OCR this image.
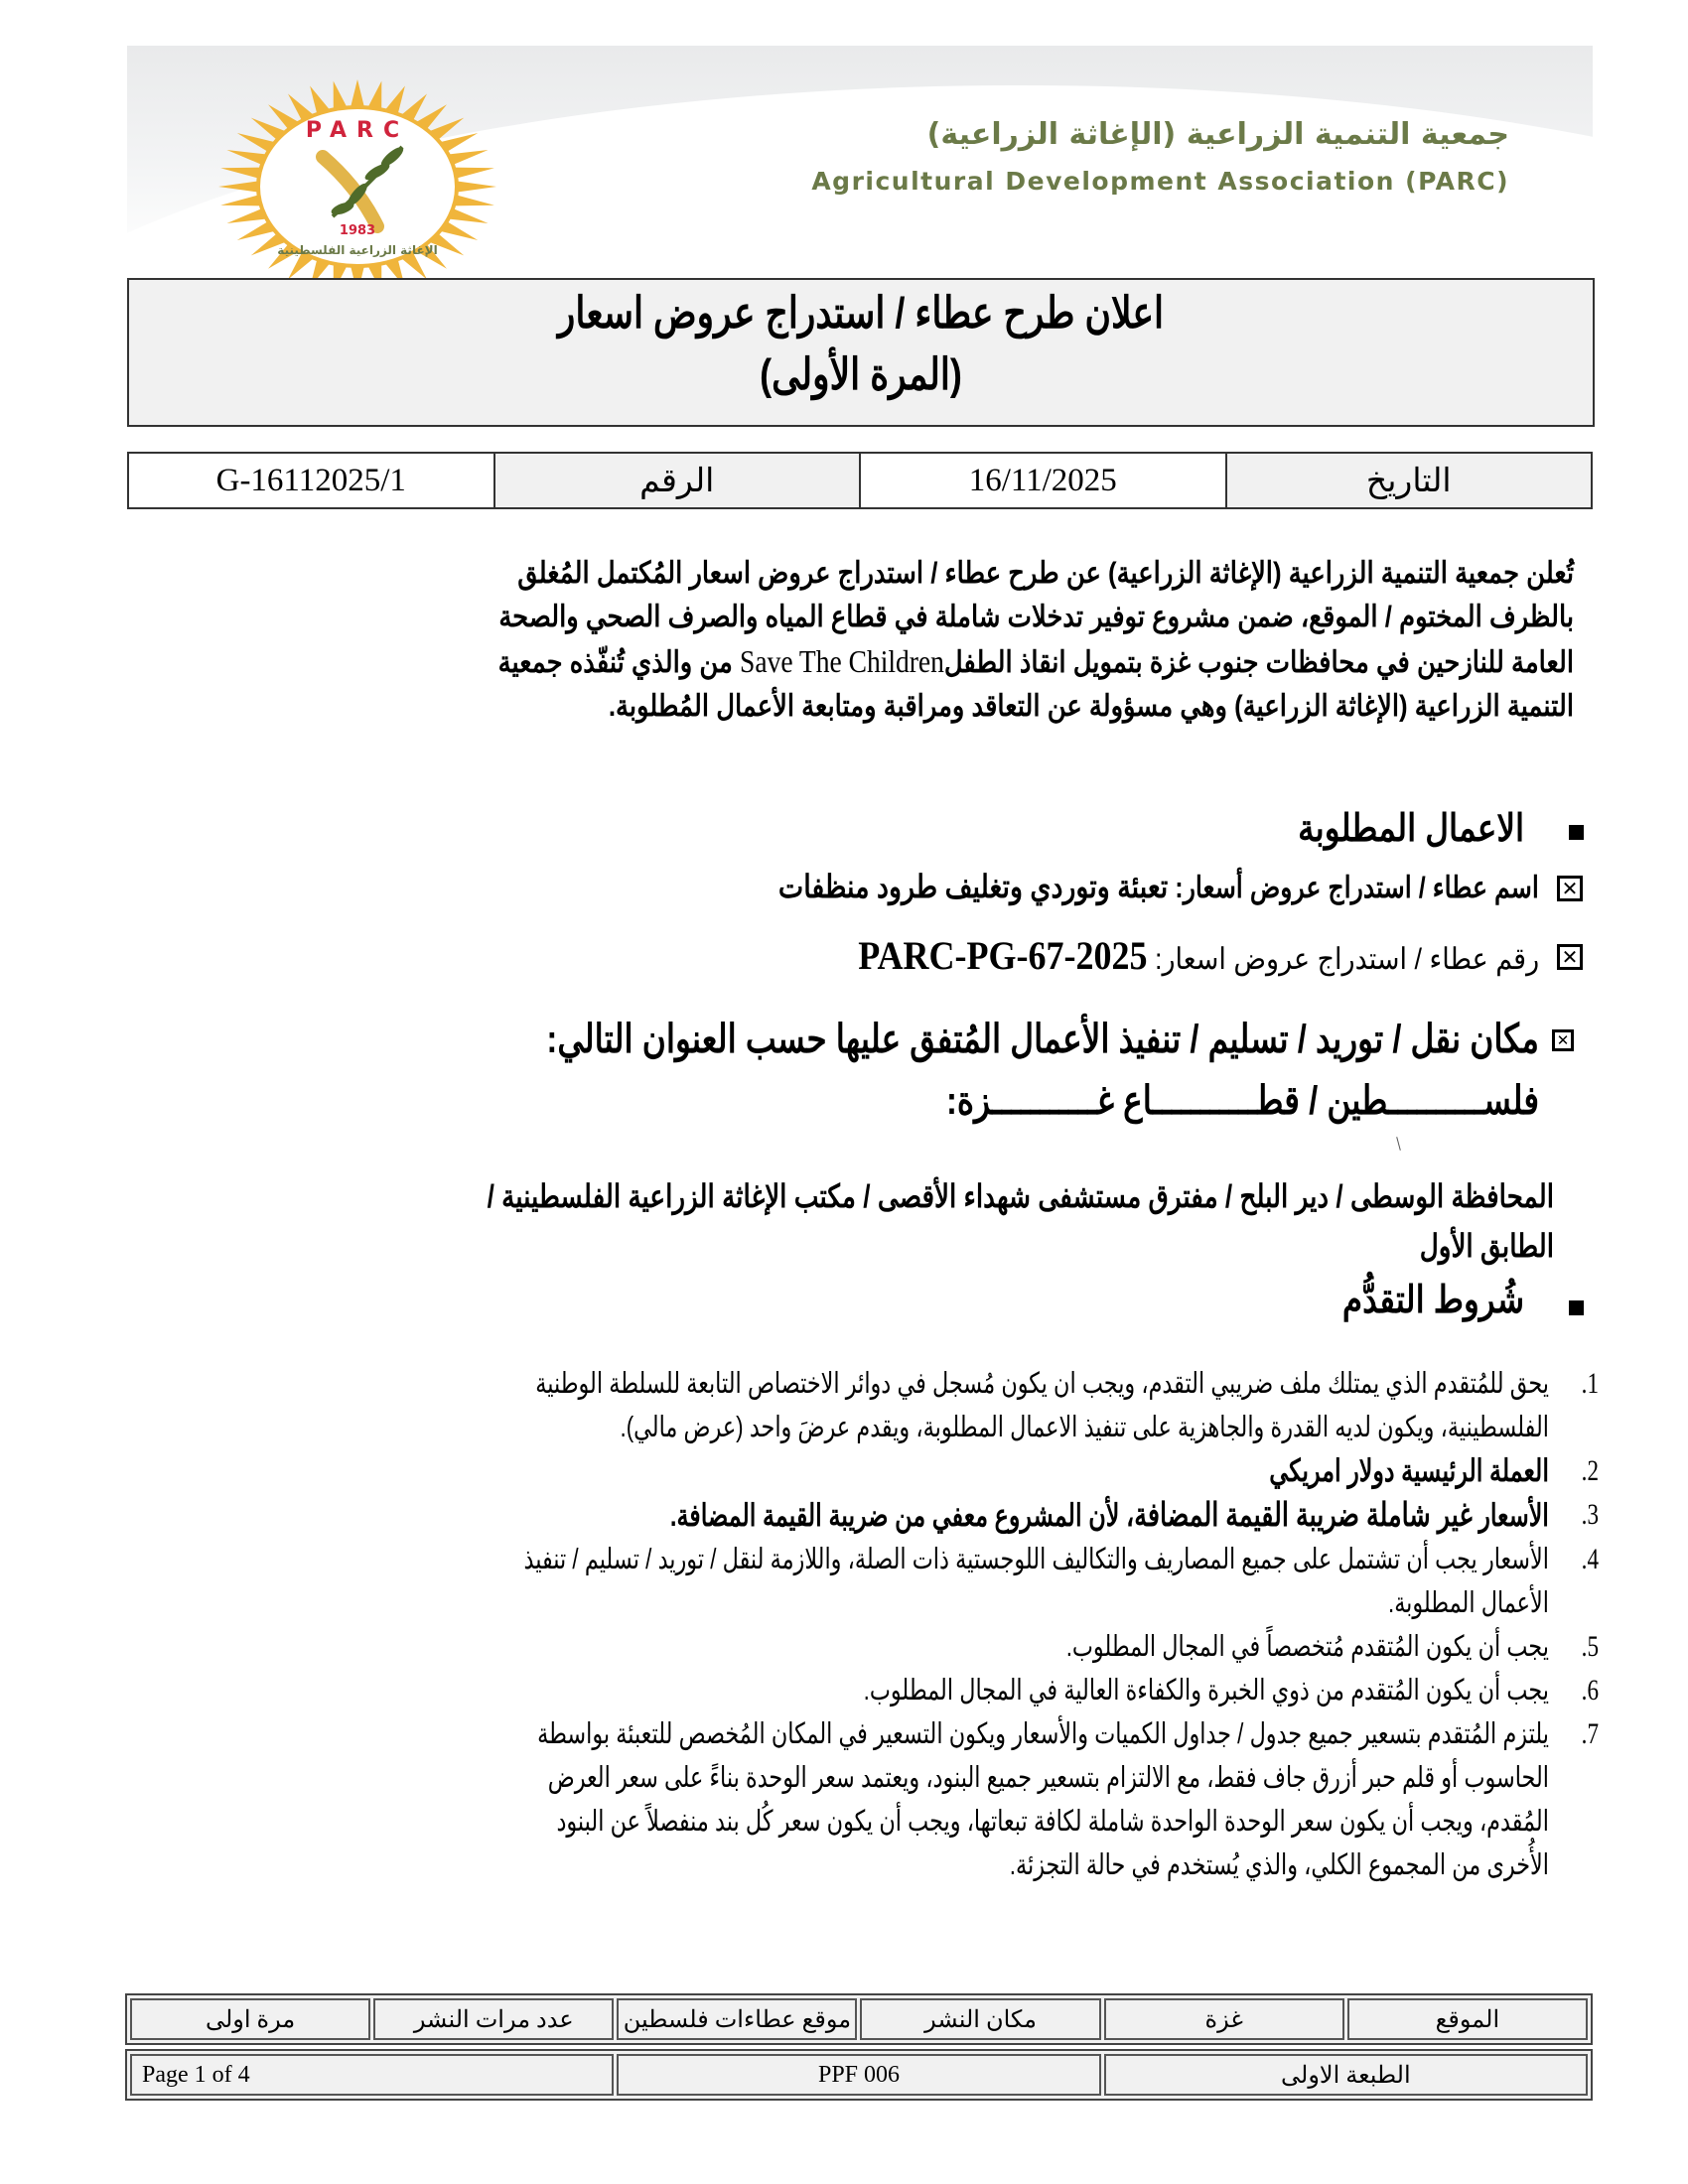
PARC
1983
الإغاثة الزراعية الفلسطينية
جمعية التنمية الزراعية (الإغاثة الزراعية)
Agricultural Development Association (PARC)
اعلان طرح عطاء / استدراج عروض اسعار
(المرة الأولى)
G-16112025/1	الرقم	16/11/2025	التاريخ
تُعلن جمعية التنمية الزراعية (الإغاثة الزراعية) عن طرح عطاء / استدراج عروض اسعار المُكتمل المُغلق
بالظرف المختوم / الموقع، ضمن مشروع توفير تدخلات شاملة في قطاع المياه والصرف الصحي والصحة
العامة للنازحين في محافظات جنوب غزة بتمويل انقاذ الطفلSave The Children من والذي تُنفّذه جمعية
التنمية الزراعية (الإغاثة الزراعية) وهي مسؤولة عن التعاقد ومراقبة ومتابعة الأعمال المُطلوبة.
الاعمال المطلوبة
✕
اسم عطاء / استدراج عروض أسعار: تعبئة وتوردي وتغليف طرود منظفات
✕
رقم عطاء / استدراج عروض اسعار: PARC-PG-67-2025
✕
مكان نقل / توريد / تسليم / تنفيذ الأعمال المُتفق عليها حسب العنوان التالي:
فلســــــــــطين / قطـــــــــــاع غـــــــــــزة:
المحافظة الوسطى / دير البلح / مفترق مستشفى شهداء الأقصى / مكتب الإغاثة الزراعية الفلسطينية /
الطابق الأول
شُروط التقدُّم
1.
يحق للمُتقدم الذي يمتلك ملف ضريبي التقدم، ويجب ان يكون مُسجل في دوائر الاختصاص التابعة للسلطة الوطنية
الفلسطينية، ويكون لديه القدرة والجاهزية على تنفيذ الاعمال المطلوبة، ويقدم عرضَ واحد (عرض مالي).
2.
العملة الرئيسية دولار امريكي
3.
الأسعار غير شاملة ضريبة القيمة المضافة، لأن المشروع معفي من ضريبة القيمة المضافة.
4.
الأسعار يجب أن تشتمل على جميع المصاريف والتكاليف اللوجستية ذات الصلة، واللازمة لنقل / توريد / تسليم / تنفيذ
الأعمال المطلوبة.
5.
يجب أن يكون المُتقدم مُتخصصاً في المجال المطلوب.
6.
يجب أن يكون المُتقدم من ذوي الخبرة والكفاءة العالية في المجال المطلوب.
7.
يلتزم المُتقدم بتسعير جميع جدول / جداول الكميات والأسعار ويكون التسعير في المكان المُخصص للتعبئة بواسطة
الحاسوب أو قلم حبر أزرق جاف فقط، مع الالتزام بتسعير جميع البنود، ويعتمد سعر الوحدة بناءً على سعر العرض
المُقدم، ويجب أن يكون سعر الوحدة الواحدة شاملة لكافة تبعاتها، ويجب أن يكون سعر كُل بند منفصلاً عن البنود
الأُخرى من المجموع الكلي، والذي يُستخدم في حالة التجزئة.
مرة اولى	عدد مرات النشر	موقع عطاءات فلسطين	مكان النشر	غزة	الموقع
Page 1 of 4	PPF 006	الطبعة الاولى
